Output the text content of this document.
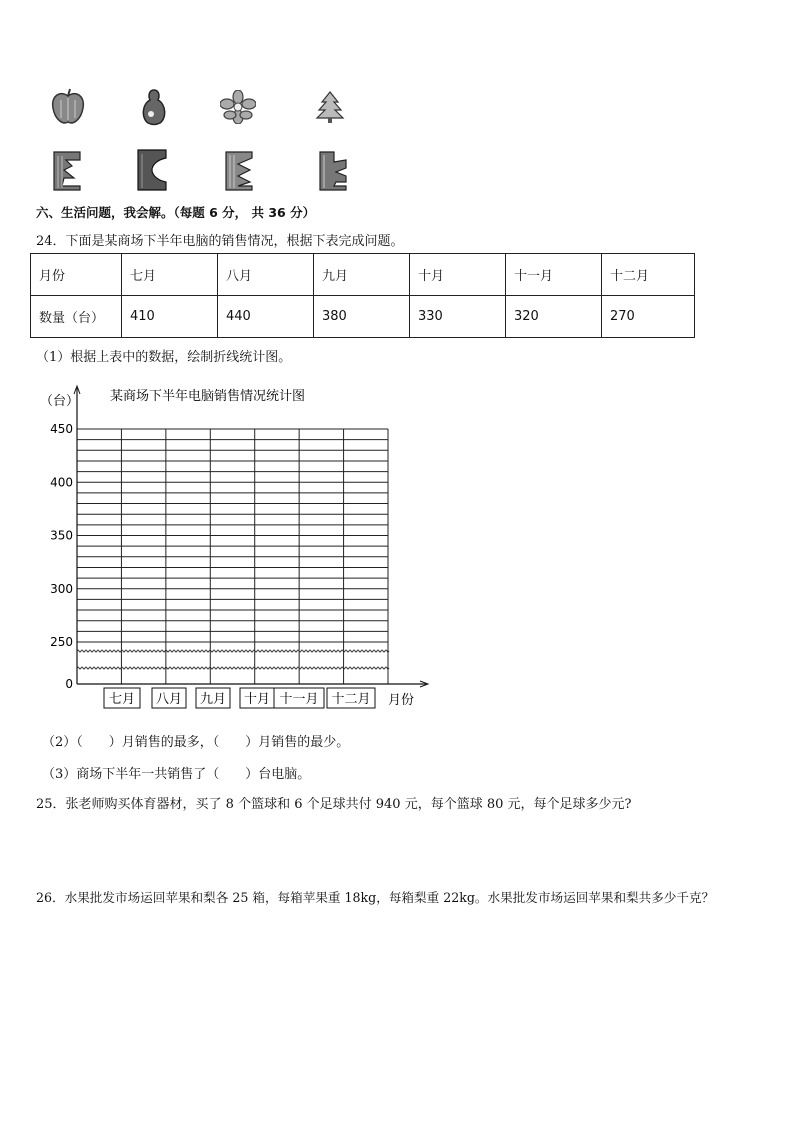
六、生活问题，我会解。（每题 6 分， 共 36 分）
24．下面是某商场下半年电脑的销售情况，根据下表完成问题。
月份	七月	八月	九月	十月	十一月	十二月
数量（台）	410	440	380	330	320	270
（1）根据上表中的数据，绘制折线统计图。
某商场下半年电脑销售情况统计图
（台）
月份
450
400
350
300
250
0
七月 八月 九月 十月 十一月 十二月
（2）（　　）月销售的最多，（　　）月销售的最少。
（3）商场下半年一共销售了（　　）台电脑。
25．张老师购买体育器材，买了 8 个篮球和 6 个足球共付 940 元，每个篮球 80 元，每个足球多少元?
26．水果批发市场运回苹果和梨各 25 箱，每箱苹果重 18kg，每箱梨重 22kg。水果批发市场运回苹果和梨共多少千克？
